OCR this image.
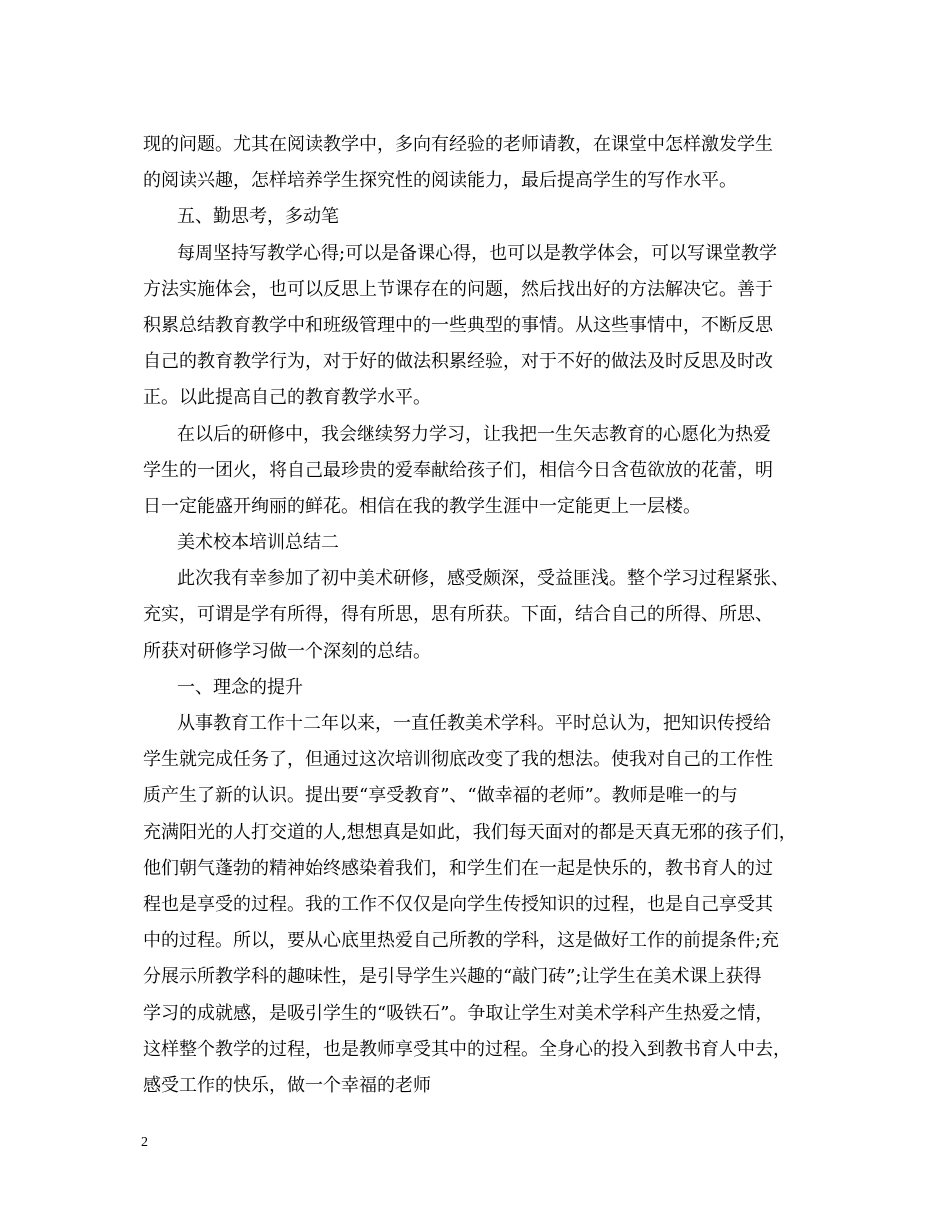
现的问题。尤其在阅读教学中，多向有经验的老师请教，在课堂中怎样激发学生
的阅读兴趣，怎样培养学生探究性的阅读能力，最后提高学生的写作水平。
五、勤思考，多动笔
每周坚持写教学心得;可以是备课心得，也可以是教学体会，可以写课堂教学
方法实施体会，也可以反思上节课存在的问题，然后找出好的方法解决它。善于
积累总结教育教学中和班级管理中的一些典型的事情。从这些事情中，不断反思
自己的教育教学行为，对于好的做法积累经验，对于不好的做法及时反思及时改
正。以此提高自己的教育教学水平。
在以后的研修中，我会继续努力学习，让我把一生矢志教育的心愿化为热爱
学生的一团火，将自己最珍贵的爱奉献给孩子们，相信今日含苞欲放的花蕾，明
日一定能盛开绚丽的鲜花。相信在我的教学生涯中一定能更上一层楼。
美术校本培训总结二
此次我有幸参加了初中美术研修，感受颇深，受益匪浅。整个学习过程紧张、
充实，可谓是学有所得，得有所思，思有所获。下面，结合自己的所得、所思、
所获对研修学习做一个深刻的总结。
一、理念的提升
从事教育工作十二年以来，一直任教美术学科。平时总认为，把知识传授给
学生就完成任务了，但通过这次培训彻底改变了我的想法。使我对自己的工作性
质产生了新的认识。提出要“享受教育”、“做幸福的老师”。教师是唯一的与
充满阳光的人打交道的人,想想真是如此，我们每天面对的都是天真无邪的孩子们，
他们朝气蓬勃的精神始终感染着我们，和学生们在一起是快乐的，教书育人的过
程也是享受的过程。我的工作不仅仅是向学生传授知识的过程，也是自己享受其
中的过程。所以，要从心底里热爱自己所教的学科，这是做好工作的前提条件;充
分展示所教学科的趣味性，是引导学生兴趣的“敲门砖”;让学生在美术课上获得
学习的成就感，是吸引学生的“吸铁石”。争取让学生对美术学科产生热爱之情，
这样整个教学的过程，也是教师享受其中的过程。全身心的投入到教书育人中去，
感受工作的快乐，做一个幸福的老师
2
